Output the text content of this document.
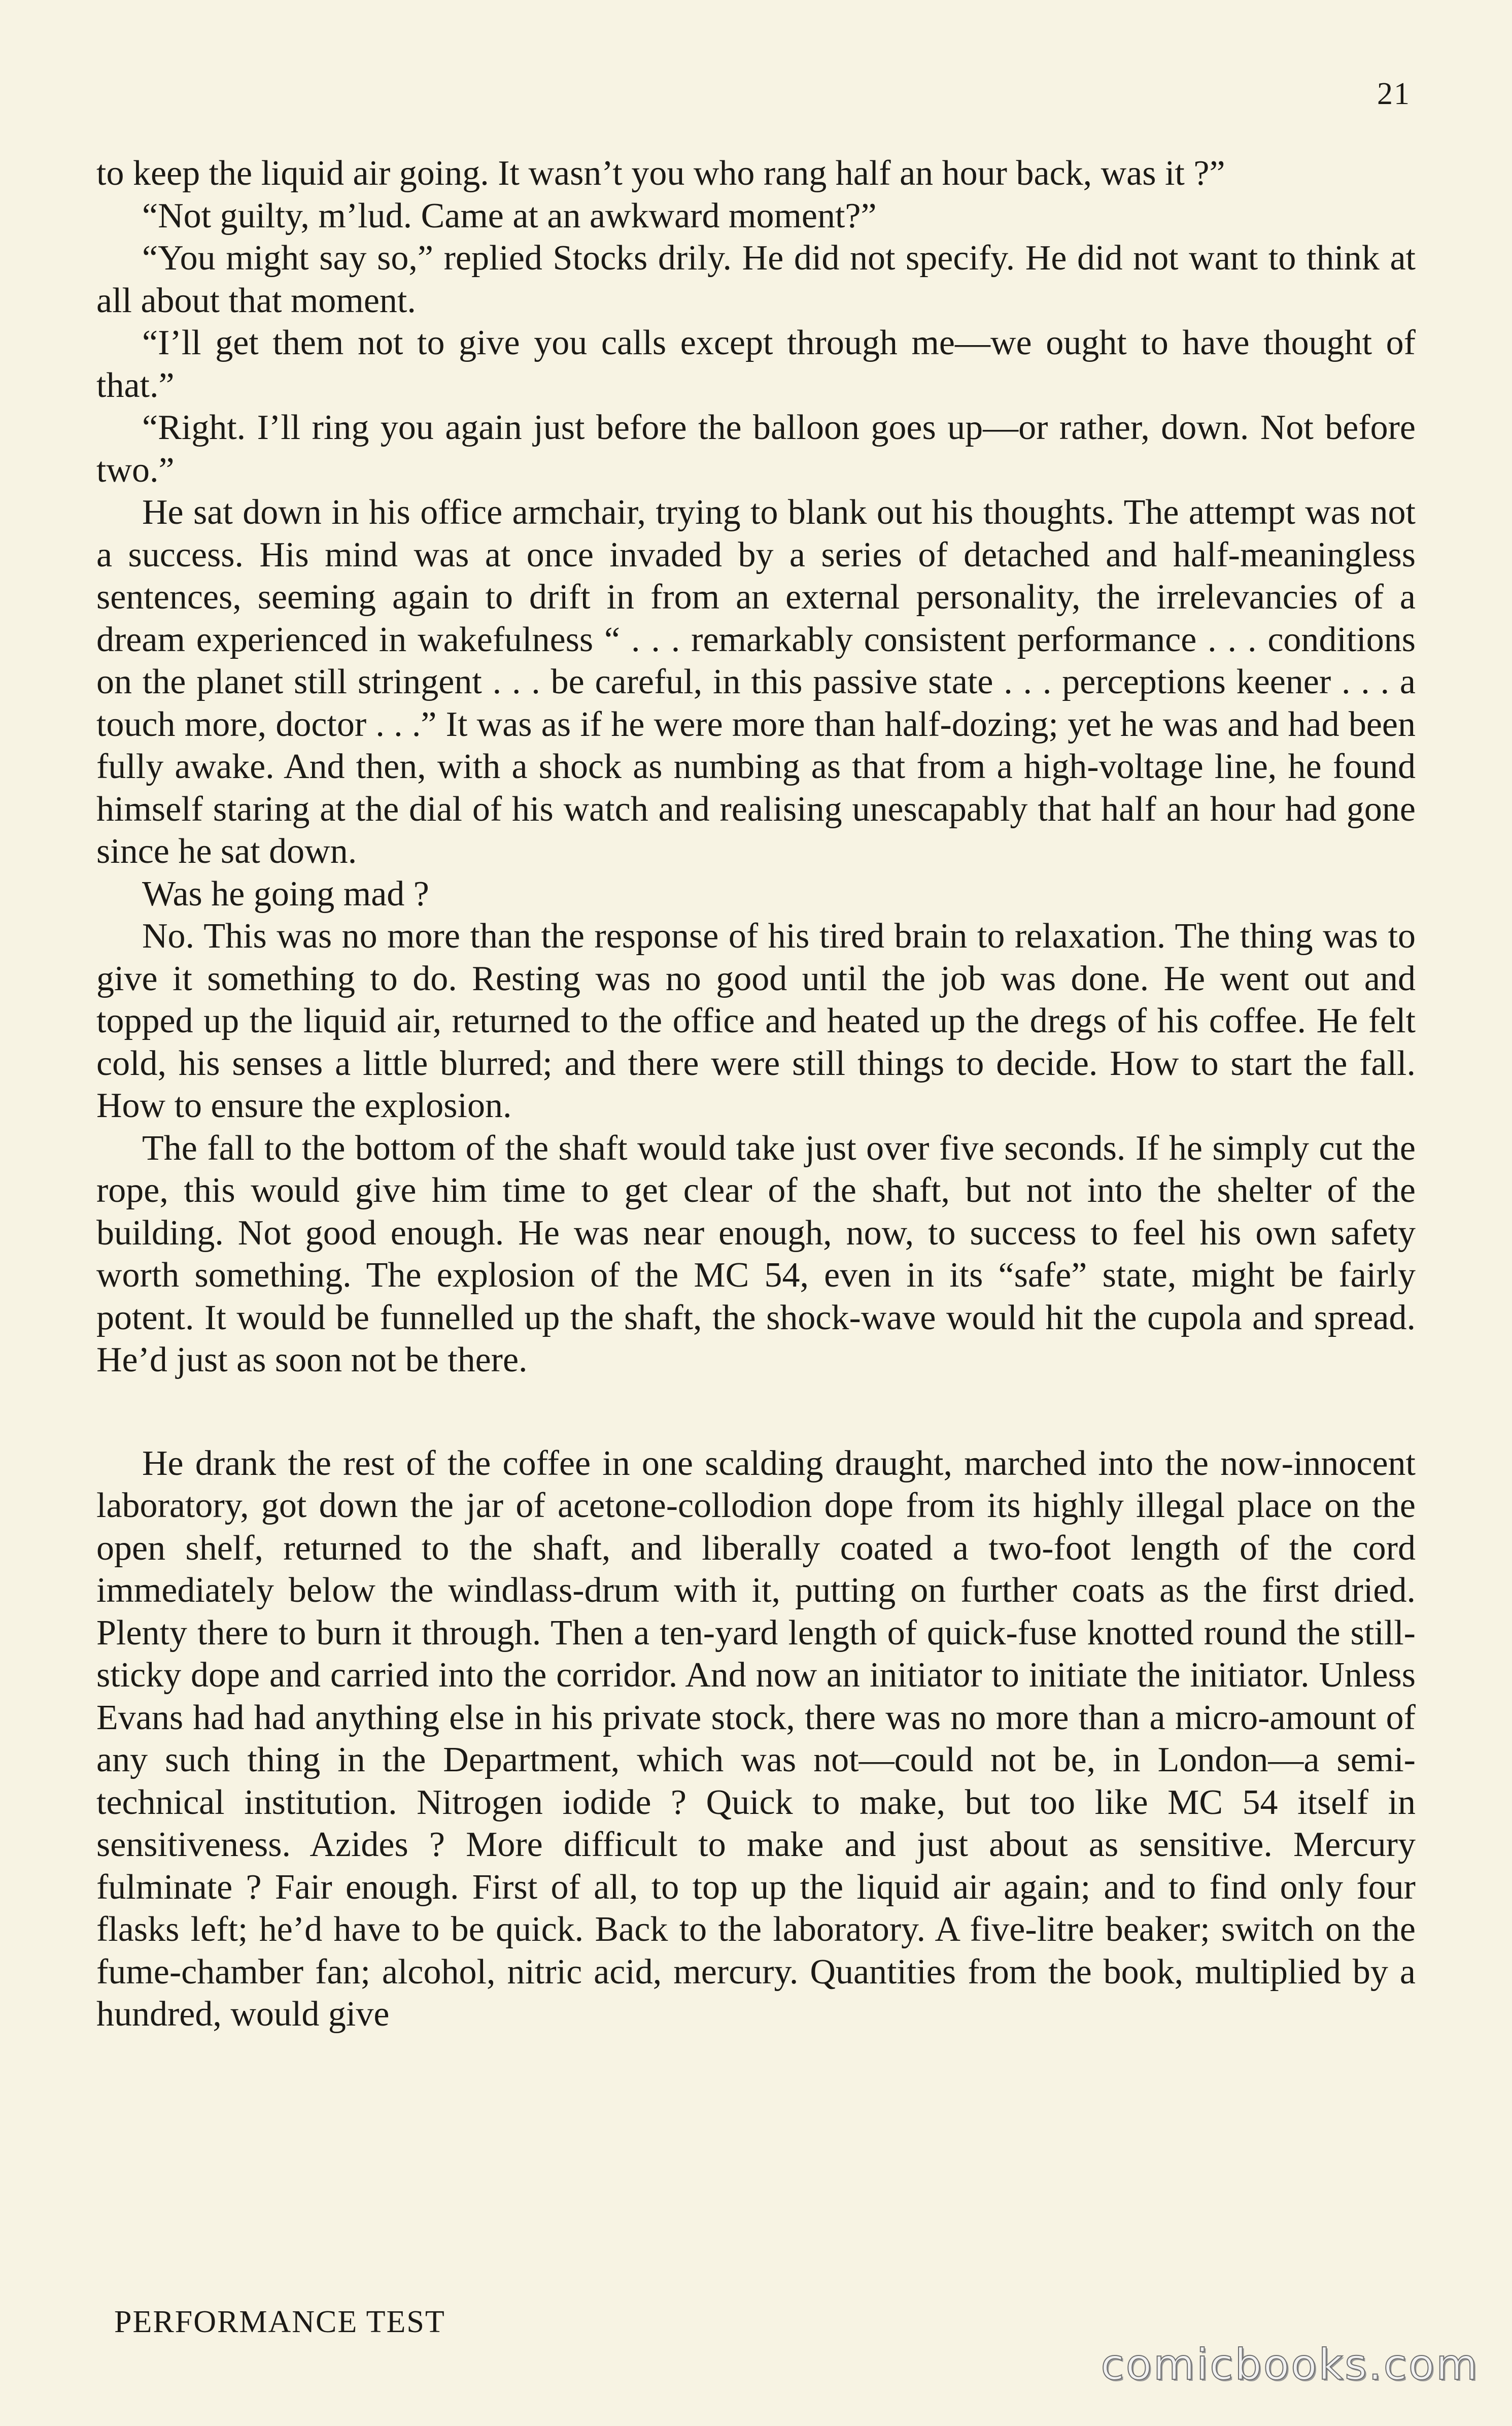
21

to keep the liquid air going. It wasn’t you who rang half an hour back, was it ?”

“Not guilty, m’lud. Came at an awkward moment?”

“You might say so,” replied Stocks drily. He did not specify. He did not want to think at all about that moment.

“I’ll get them not to give you calls except through me—we ought to have thought of that.”

“Right. I’ll ring you again just before the balloon goes up—or rather, down. Not before two.”

He sat down in his office armchair, trying to blank out his thoughts. The attempt was not a success. His mind was at once invaded by a series of detached and half-meaningless sentences, seeming again to drift in from an external personality, the irrelevancies of a dream experienced in wakefulness “ . . . remarkably consistent performance . . . conditions on the planet still stringent . . . be careful, in this passive state . . . perceptions keener . . . a touch more, doctor . . .” It was as if he were more than half-dozing; yet he was and had been fully awake. And then, with a shock as numbing as that from a high-voltage line, he found himself staring at the dial of his watch and realising unescapably that half an hour had gone since he sat down.

Was he going mad ?

No. This was no more than the response of his tired brain to relaxation. The thing was to give it something to do. Resting was no good until the job was done. He went out and topped up the liquid air, returned to the office and heated up the dregs of his coffee. He felt cold, his senses a little blurred; and there were still things to decide. How to start the fall. How to ensure the explosion.

The fall to the bottom of the shaft would take just over five seconds. If he simply cut the rope, this would give him time to get clear of the shaft, but not into the shelter of the building. Not good enough. He was near enough, now, to success to feel his own safety worth something. The explosion of the MC 54, even in its “safe” state, might be fairly potent. It would be funnelled up the shaft, the shock-wave would hit the cupola and spread. He’d just as soon not be there.

He drank the rest of the coffee in one scalding draught, marched into the now-innocent laboratory, got down the jar of acetone-collodion dope from its highly illegal place on the open shelf, returned to the shaft, and liberally coated a two-foot length of the cord immediately below the windlass-drum with it, putting on further coats as the first dried. Plenty there to burn it through. Then a ten-yard length of quick-fuse knotted round the still-sticky dope and carried into the corridor. And now an initiator to initiate the initiator. Unless Evans had had anything else in his private stock, there was no more than a micro-amount of any such thing in the Department, which was not—could not be, in London—a semi-technical institution. Nitrogen iodide ? Quick to make, but too like MC 54 itself in sensitiveness. Azides ? More difficult to make and just about as sensitive. Mercury fulminate ? Fair enough. First of all, to top up the liquid air again; and to find only four flasks left; he’d have to be quick. Back to the laboratory. A five-litre beaker; switch on the fume-chamber fan; alcohol, nitric acid, mercury. Quantities from the book, multiplied by a hundred, would give

PERFORMANCE TEST
comicbooks.com
